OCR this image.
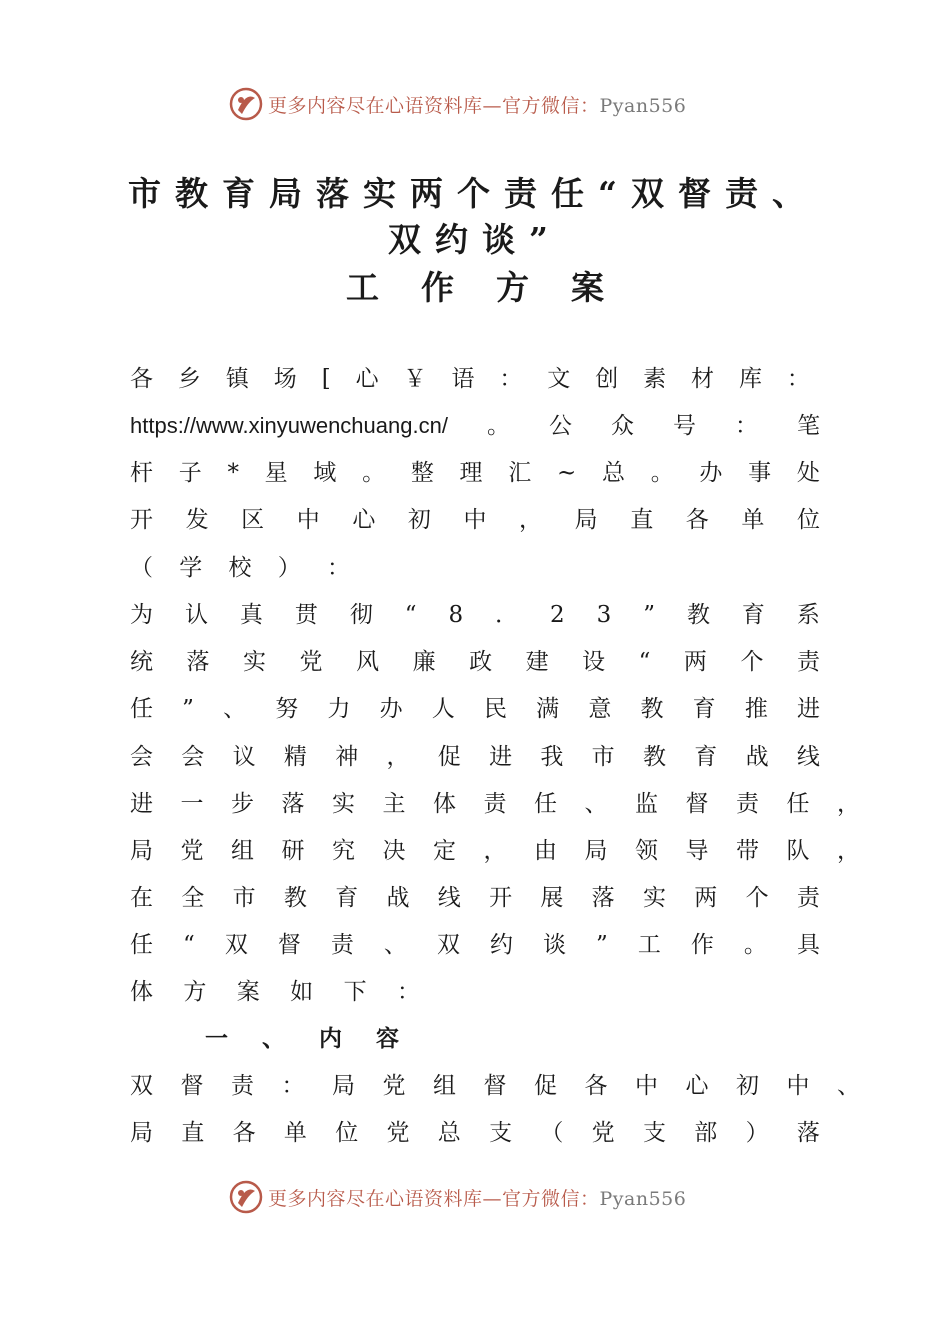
更多内容尽在心语资料库—官方微信：Pyan556
市教育局落实两个责任“双督责、
双约谈”
工作方案
各 乡 镇 场 [ 心 ￥ 语 ： 文 创 素 材 库 ：
https://www.xinyuwenchuang.cn/ 。 公 众 号 ： 笔
杆 子 * 星 域 。 整 理 汇 ~ 总 。 办 事 处
开 发 区 中 心 初 中 ， 局 直 各 单 位
（ 学 校 ） ：
为 认 真 贯 彻 “ 8 ． 2 3 ” 教 育 系
统 落 实 党 风 廉 政 建 设 “ 两 个 责
任 ” 、 努 力 办 人 民 满 意 教 育 推 进
会 会 议 精 神 ， 促 进 我 市 教 育 战 线
进 一 步 落 实 主 体 责 任 、 监 督 责 任 ，
局 党 组 研 究 决 定 ， 由 局 领 导 带 队 ，
在 全 市 教 育 战 线 开 展 落 实 两 个 责
任 “ 双 督 责 、 双 约 谈 ” 工 作 。 具
体 方 案 如 下 ：
双 督 责 ： 局 党 组 督 促 各 中 心 初 中 、
局 直 各 单 位 党 总 支 （ 党 支 部 ） 落
一、内容
更多内容尽在心语资料库—官方微信：Pyan556
